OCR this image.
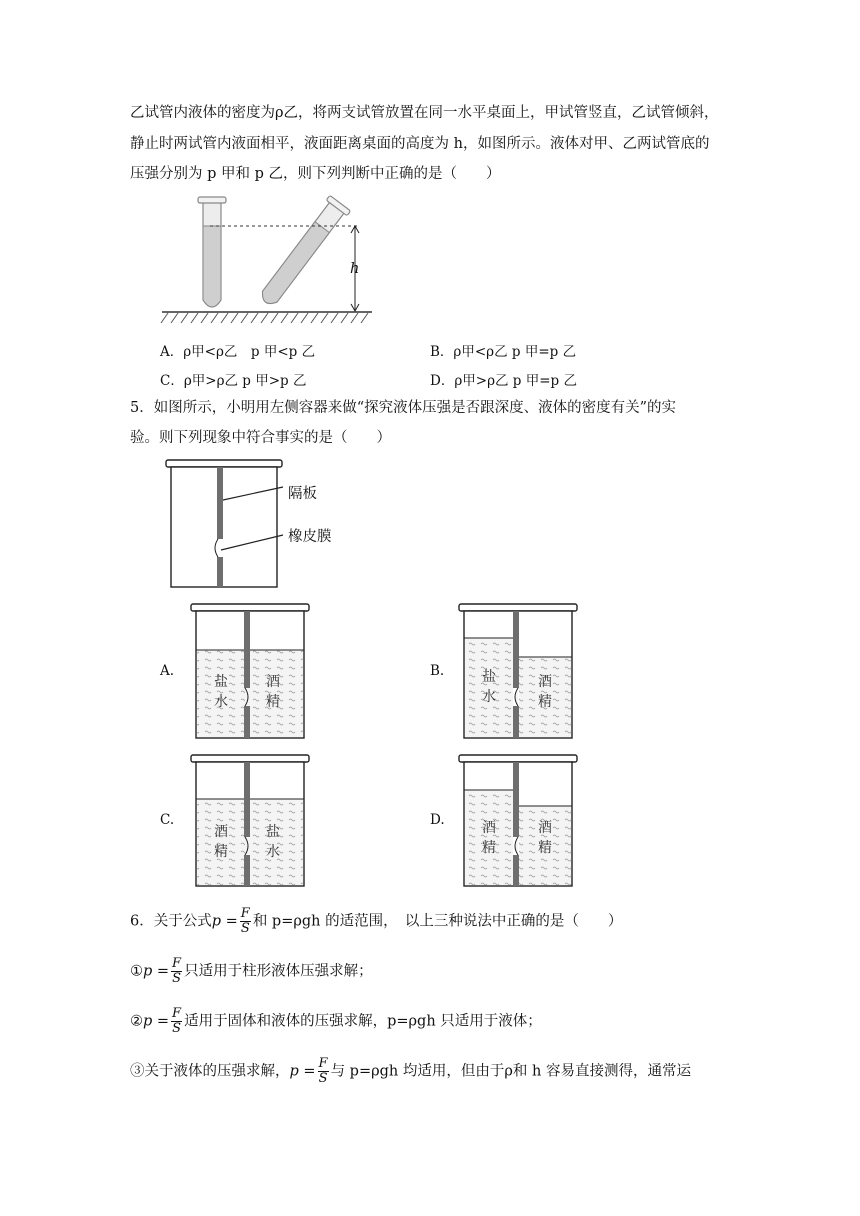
乙试管内液体的密度为ρ乙，将两支试管放置在同一水平桌面上，甲试管竖直，乙试管倾斜，
静止时两试管内液面相平，液面距离桌面的高度为 h，如图所示。液体对甲、乙两试管底的
压强分别为 p 甲和 p 乙，则下列判断中正确的是（　　）
h
A．ρ甲<ρ乙　p 甲<p 乙	B．ρ甲<ρ乙 p 甲=p 乙
C．ρ甲>ρ乙 p 甲>p 乙	D．ρ甲>ρ乙 p 甲=p 乙
5．如图所示，小明用左侧容器来做“探究液体压强是否跟深度、液体的密度有关”的实
验。则下列现象中符合事实的是（　　）
隔板
橡皮膜
盐
水
酒
精
盐
水
酒
精
酒
精
盐
水
酒
精
酒
精
A.	B.
C.	D.
6．关于公式$p = \frac{F}{S}$ 和 p=ρgh 的适范围，　以上三种说法中正确的是（　　）
①p = $\frac{F}{S}$ 只适用于柱形液体压强求解；
②p = $\frac{F}{S}$ 适用于固体和液体的压强求解，p=ρgh 只适用于液体；
③关于液体的压强求解，$p = \frac{F}{S}$ 与 p=ρgh 均适用，但由于ρ和 h 容易直接测得，通常运
